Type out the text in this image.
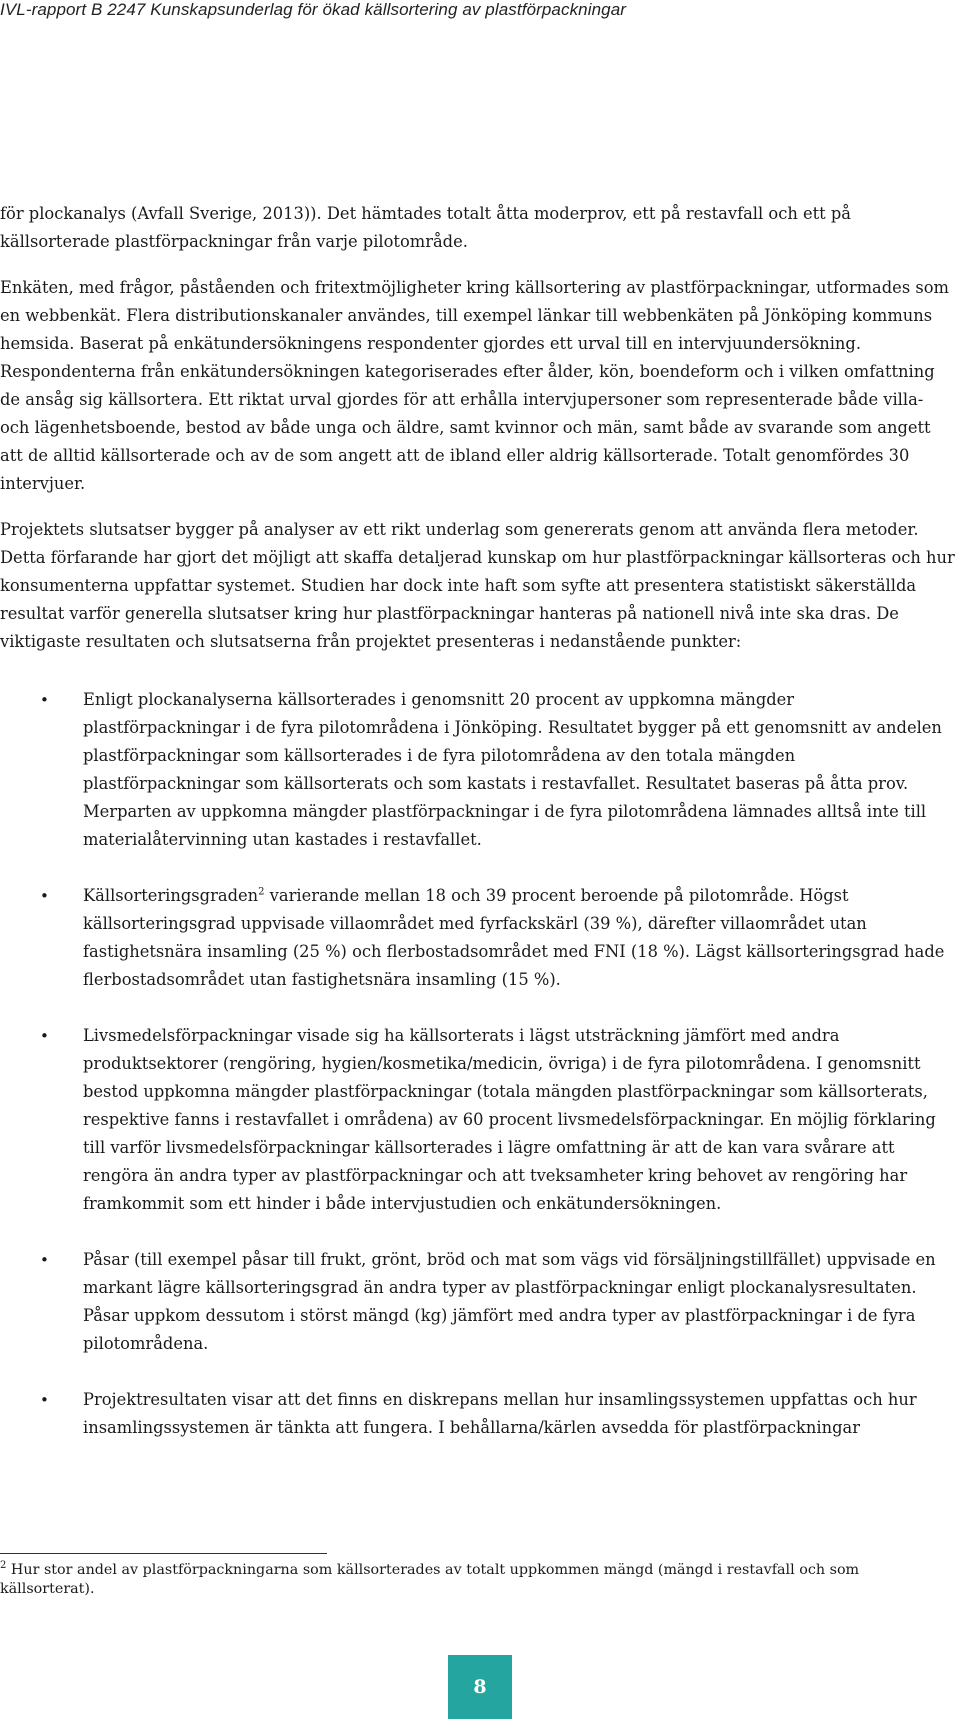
IVL-rapport B 2247 Kunskapsunderlag för ökad källsortering av plastförpackningar

för plockanalys (Avfall Sverige, 2013)). Det hämtades totalt åtta moderprov, ett på restavfall och ett på källsorterade plastförpackningar från varje pilotområde.

Enkäten, med frågor, påståenden och fritextmöjligheter kring källsortering av plastförpackningar, utformades som en webbenkät. Flera distributionskanaler användes, till exempel länkar till webbenkäten på Jönköping kommuns hemsida. Baserat på enkätundersökningens respondenter gjordes ett urval till en intervjuundersökning. Respondenterna från enkätundersökningen kategoriserades efter ålder, kön, boendeform och i vilken omfattning de ansåg sig källsortera. Ett riktat urval gjordes för att erhålla intervjupersoner som representerade både villa- och lägenhetsboende, bestod av både unga och äldre, samt kvinnor och män, samt både av svarande som angett att de alltid källsorterade och av de som angett att de ibland eller aldrig källsorterade. Totalt genomfördes 30 intervjuer.

Projektets slutsatser bygger på analyser av ett rikt underlag som genererats genom att använda flera metoder. Detta förfarande har gjort det möjligt att skaffa detaljerad kunskap om hur plastförpackningar källsorteras och hur konsumenterna uppfattar systemet. Studien har dock inte haft som syfte att presentera statistiskt säkerställda resultat varför generella slutsatser kring hur plastförpackningar hanteras på nationell nivå inte ska dras. De viktigaste resultaten och slutsatserna från projektet presenteras i nedanstående punkter:

• Enligt plockanalyserna källsorterades i genomsnitt 20 procent av uppkomna mängder plastförpackningar i de fyra pilotområdena i Jönköping. Resultatet bygger på ett genomsnitt av andelen plastförpackningar som källsorterades i de fyra pilotområdena av den totala mängden plastförpackningar som källsorterats och som kastats i restavfallet. Resultatet baseras på åtta prov. Merparten av uppkomna mängder plastförpackningar i de fyra pilotområdena lämnades alltså inte till materialåtervinning utan kastades i restavfallet.
• Källsorteringsgraden$^2$ varierande mellan 18 och 39 procent beroende på pilotområde. Högst källsorteringsgrad uppvisade villaområdet med fyrfackskärl (39 %), därefter villaområdet utan fastighetsnära insamling (25 %) och flerbostadsområdet med FNI (18 %). Lägst källsorteringsgrad hade flerbostadsområdet utan fastighetsnära insamling (15 %).
• Livsmedelsförpackningar visade sig ha källsorterats i lägst utsträckning jämfört med andra produktsektorer (rengöring, hygien/kosmetika/medicin, övriga) i de fyra pilotområdena. I genomsnitt bestod uppkomna mängder plastförpackningar (totala mängden plastförpackningar som källsorterats, respektive fanns i restavfallet i områdena) av 60 procent livsmedelsförpackningar. En möjlig förklaring till varför livsmedelsförpackningar källsorterades i lägre omfattning är att de kan vara svårare att rengöra än andra typer av plastförpackningar och att tveksamheter kring behovet av rengöring har framkommit som ett hinder i både intervjustudien och enkätundersökningen.
• Påsar (till exempel påsar till frukt, grönt, bröd och mat som vägs vid försäljningstillfället) uppvisade en markant lägre källsorteringsgrad än andra typer av plastförpackningar enligt plockanalysresultaten. Påsar uppkom dessutom i störst mängd (kg) jämfört med andra typer av plastförpackningar i de fyra pilotområdena.
• Projektresultaten visar att det finns en diskrepans mellan hur insamlingssystemen uppfattas och hur insamlingssystemen är tänkta att fungera. I behållarna/kärlen avsedda för plastförpackningar
$^2$ Hur stor andel av plastförpackningarna som källsorterades av totalt uppkommen mängd (mängd i restavfall och som källsorterat).
8
